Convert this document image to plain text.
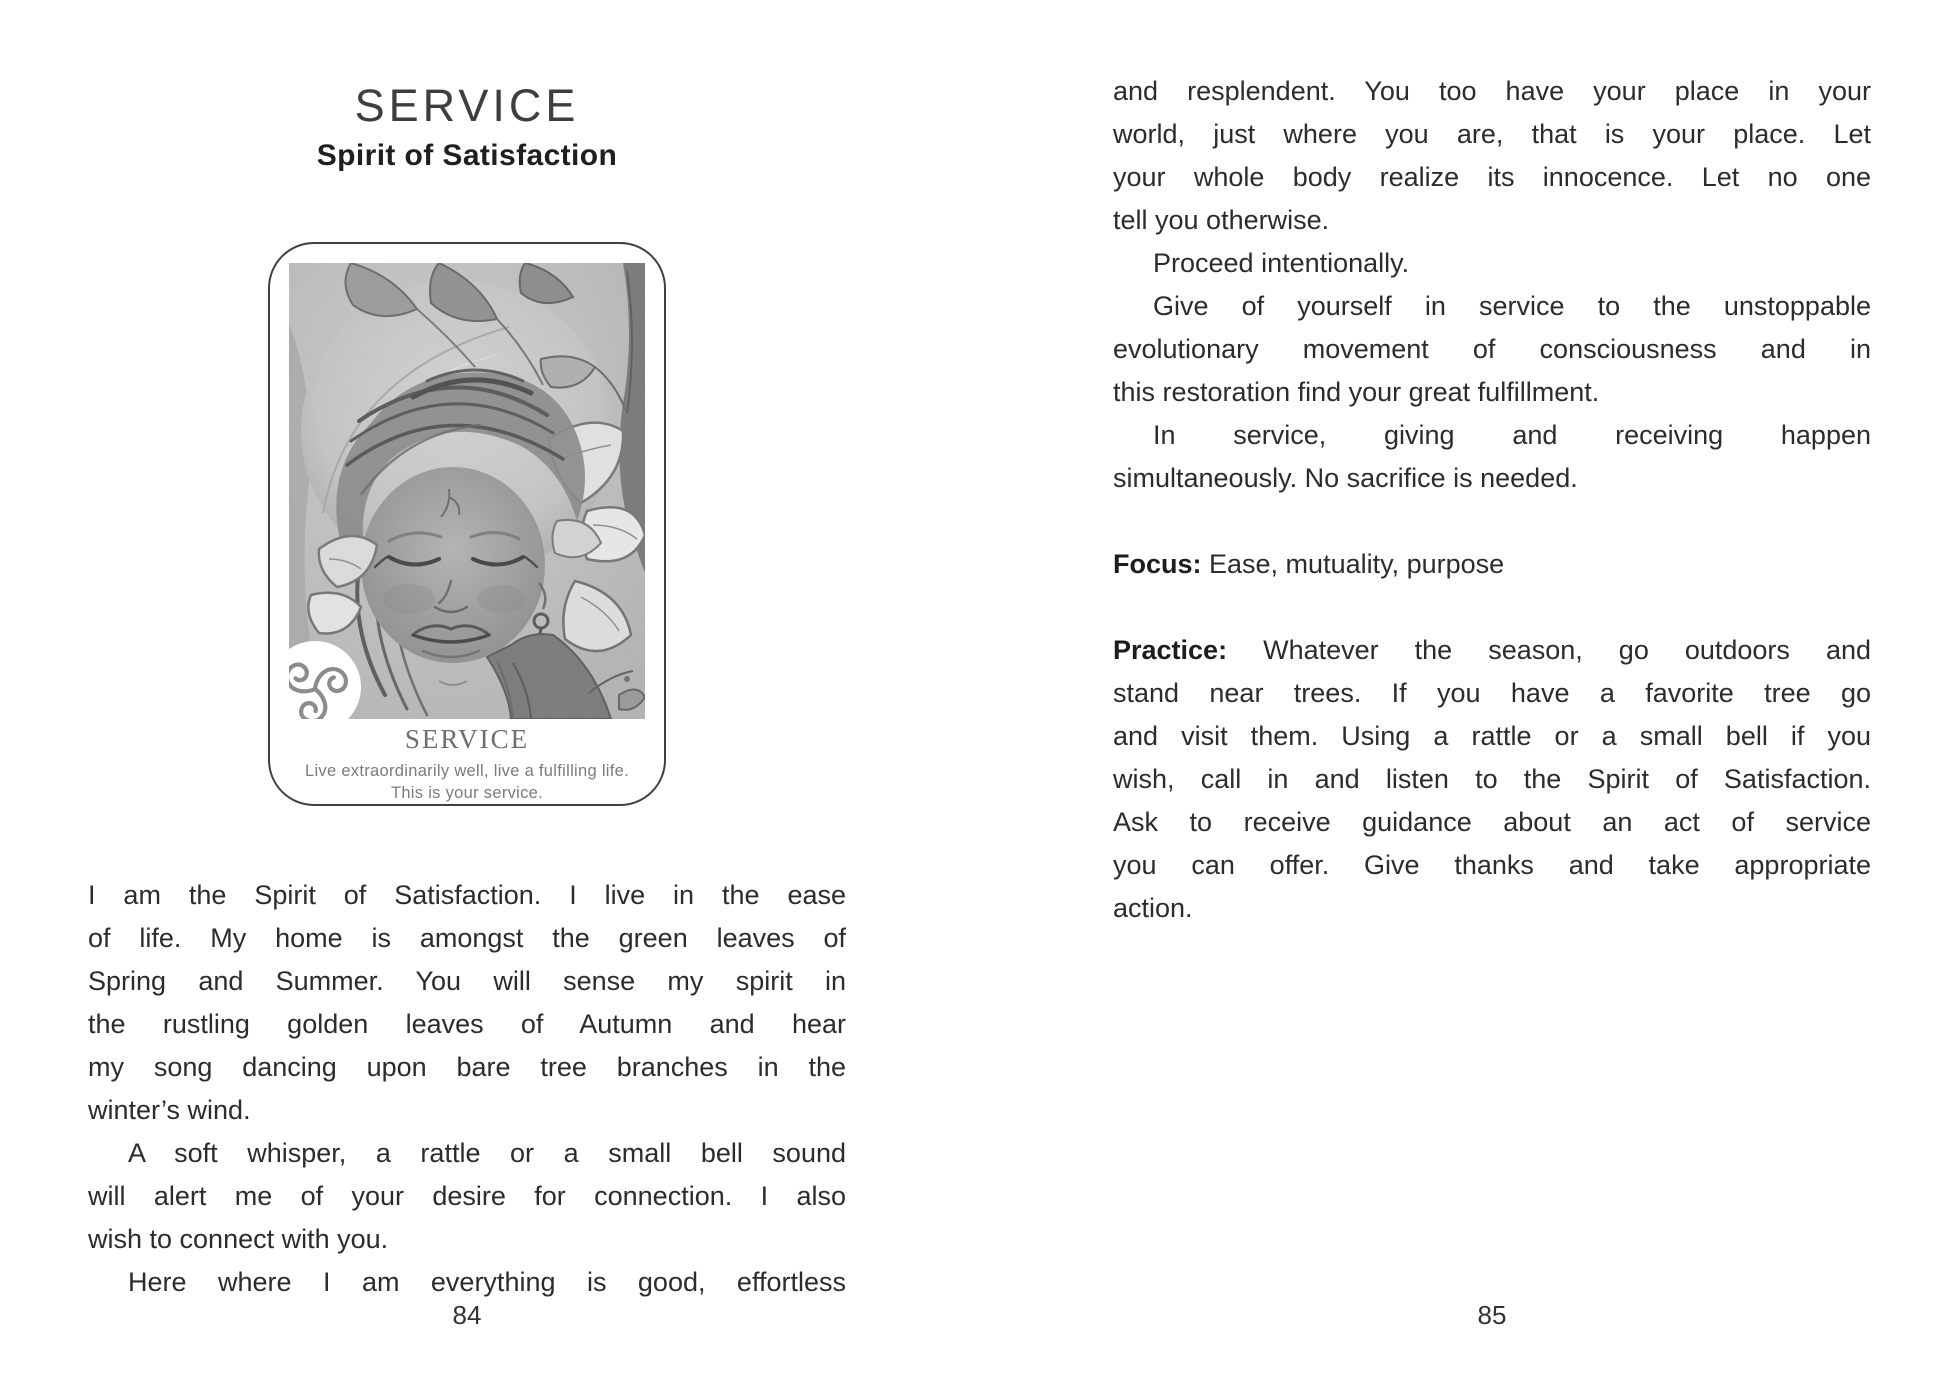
SERVICE
Spirit of Satisfaction
SERVICE
Live extraordinarily well, live a fulfilling life.
This is your service.
I am the Spirit of Satisfaction. I live in the ease
of life. My home is amongst the green leaves of
Spring and Summer. You will sense my spirit in
the rustling golden leaves of Autumn and hear
my song dancing upon bare tree branches in the
winter’s wind.
A soft whisper, a rattle or a small bell sound
will alert me of your desire for connection. I also
wish to connect with you.
Here where I am everything is good, effortless
84
and resplendent. You too have your place in your
world, just where you are, that is your place. Let
your whole body realize its innocence. Let no one
tell you otherwise.
Proceed intentionally.
Give of yourself in service to the unstoppable
evolutionary movement of consciousness and in
this restoration find your great fulfillment.
In service, giving and receiving happen
simultaneously. No sacrifice is needed.
Focus: Ease, mutuality, purpose
Practice: Whatever the season, go outdoors and
stand near trees. If you have a favorite tree go
and visit them. Using a rattle or a small bell if you
wish, call in and listen to the Spirit of Satisfaction.
Ask to receive guidance about an act of service
you can offer. Give thanks and take appropriate
action.
85
